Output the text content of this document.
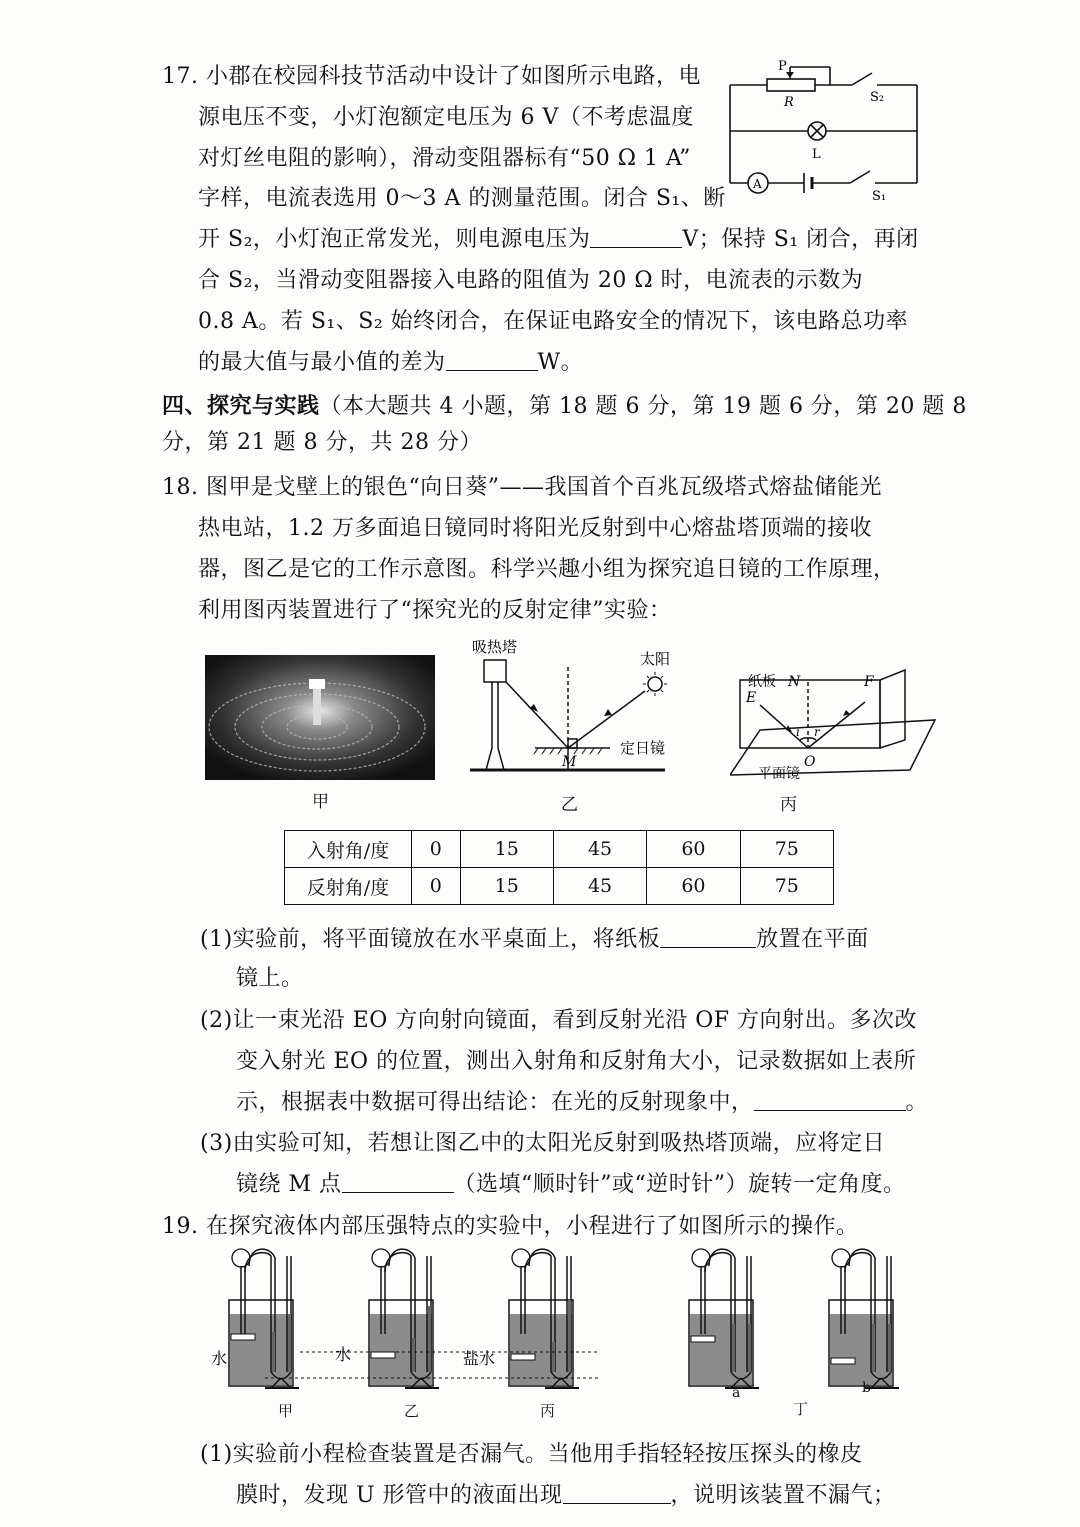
17. 小郡在校园科技节活动中设计了如图所示电路，电
源电压不变，小灯泡额定电压为 6 V（不考虑温度
对灯丝电阻的影响），滑动变阻器标有“50 Ω 1 A”
字样，电流表选用 0～3 A 的测量范围。闭合 S₁、断
P
R	S₂
L
A
S₁
开 S₂，小灯泡正常发光，则电源电压为	V；保持 S₁ 闭合，再闭
合 S₂，当滑动变阻器接入电路的阻值为 20 Ω 时，电流表的示数为
0.8 A。若 S₁、S₂ 始终闭合，在保证电路安全的情况下，该电路总功率
的最大值与最小值的差为	W。
四、探究与实践（本大题共 4 小题，第 18 题 6 分，第 19 题 6 分，第 20 题 8
分，第 21 题 8 分，共 28 分）
18. 图甲是戈壁上的银色“向日葵”——我国首个百兆瓦级塔式熔盐储能光
热电站，1.2 万多面追日镜同时将阳光反射到中心熔盐塔顶端的接收
器，图乙是它的工作示意图。科学兴趣小组为探究追日镜的工作原理，
利用图丙装置进行了“探究光的反射定律”实验：
甲
吸热塔
太阳
定日镜
M
乙
纸板 N
E
F
i r
O
平面镜
丙
入射角/度	0	15	45	60	75
反射角/度	0	15	45	60	75
(1)实验前，将平面镜放在水平桌面上，将纸板	放置在平面
镜上。
(2)让一束光沿 EO 方向射向镜面，看到反射光沿 OF 方向射出。多次改
变入射光 EO 的位置，测出入射角和反射角大小，记录数据如上表所
示，根据表中数据可得出结论：在光的反射现象中，	。
(3)由实验可知，若想让图乙中的太阳光反射到吸热塔顶端，应将定日
镜绕 M 点	（选填“顺时针”或“逆时针”）旋转一定角度。
19. 在探究液体内部压强特点的实验中，小程进行了如图所示的操作。
水	水	盐水
甲	乙	丙
a
丁
b
(1)实验前小程检查装置是否漏气。当他用手指轻轻按压探头的橡皮
膜时，发现 U 形管中的液面出现	，说明该装置不漏气；
